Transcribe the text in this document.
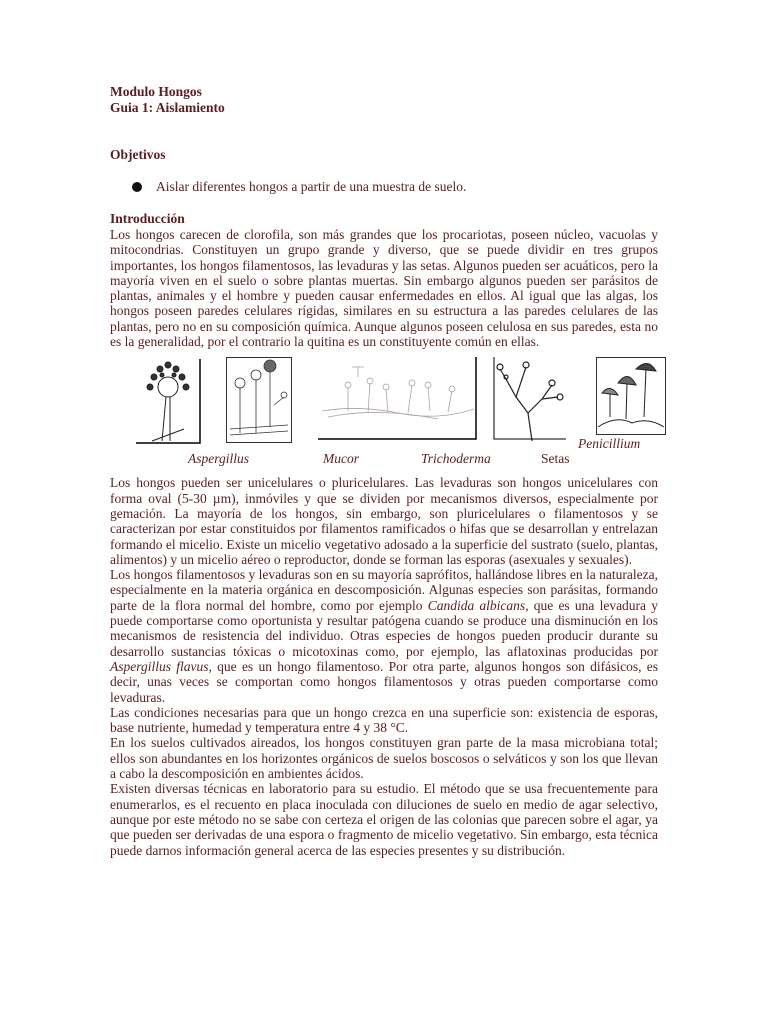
Modulo Hongos

Guia 1: Aislamiento

Objetivos

Aislar diferentes hongos a partir de una muestra de suelo.

Introducción

Los hongos carecen de clorofila, son más grandes que los procariotas, poseen núcleo, vacuolas y mitocondrias. Constituyen un grupo grande y diverso, que se puede dividir en tres grupos importantes, los hongos filamentosos, las levaduras y las setas. Algunos pueden ser acuáticos, pero la mayoría viven en el suelo o sobre plantas muertas. Sin embargo algunos pueden ser parásitos de plantas, animales y el hombre y pueden causar enfermedades en ellos. Al igual que las algas, los hongos poseen paredes celulares rígidas, similares en su estructura a las paredes celulares de las plantas, pero no en su composición química. Aunque algunos poseen celulosa en sus paredes, esta no es la generalidad, por el contrario la quitina es un constituyente común en ellas.

Aspergillus	Mucor	Trichoderma	Setas
Penicillium

Los hongos pueden ser unicelulares o pluricelulares. Las levaduras son hongos unicelulares con forma oval (5-30 µm), inmóviles y que se dividen por mecanismos diversos, especialmente por gemación. La mayoría de los hongos, sin embargo, son pluricelulares o filamentosos y se caracterizan por estar constituidos por filamentos ramificados o hifas que se desarrollan y entrelazan formando el micelio. Existe un micelio vegetativo adosado a la superficie del sustrato (suelo, plantas, alimentos) y un micelio aéreo o reproductor, donde se forman las esporas (asexuales y sexuales).

Los hongos filamentosos y levaduras son en su mayoría saprófitos, hallándose libres en la naturaleza, especialmente en la materia orgánica en descomposición. Algunas especies son parásitas, formando parte de la flora normal del hombre, como por ejemplo Candida albicans, que es una levadura y puede comportarse como oportunista y resultar patógena cuando se produce una disminución en los mecanismos de resistencia del individuo. Otras especies de hongos pueden producir durante su desarrollo sustancias tóxicas o micotoxinas como, por ejemplo, las aflatoxinas producidas por Aspergillus flavus, que es un hongo filamentoso. Por otra parte, algunos hongos son difásicos, es decir, unas veces se comportan como hongos filamentosos y otras pueden comportarse como levaduras.

Las condiciones necesarias para que un hongo crezca en una superficie son: existencia de esporas, base nutriente, humedad y temperatura entre 4 y 38 °C.

En los suelos cultivados aireados, los hongos constituyen gran parte de la masa microbiana total; ellos son abundantes en los horizontes orgánicos de suelos boscosos o selváticos y son los que llevan a cabo la descomposición en ambientes ácidos.

Existen diversas técnicas en laboratorio para su estudio. El método que se usa frecuentemente para enumerarlos, es el recuento en placa inoculada con diluciones de suelo en medio de agar selectivo, aunque por este método no se sabe con certeza el origen de las colonias que parecen sobre el agar, ya que pueden ser derivadas de una espora o fragmento de micelio vegetativo. Sin embargo, esta técnica puede darnos información general acerca de las especies presentes y su distribución.
